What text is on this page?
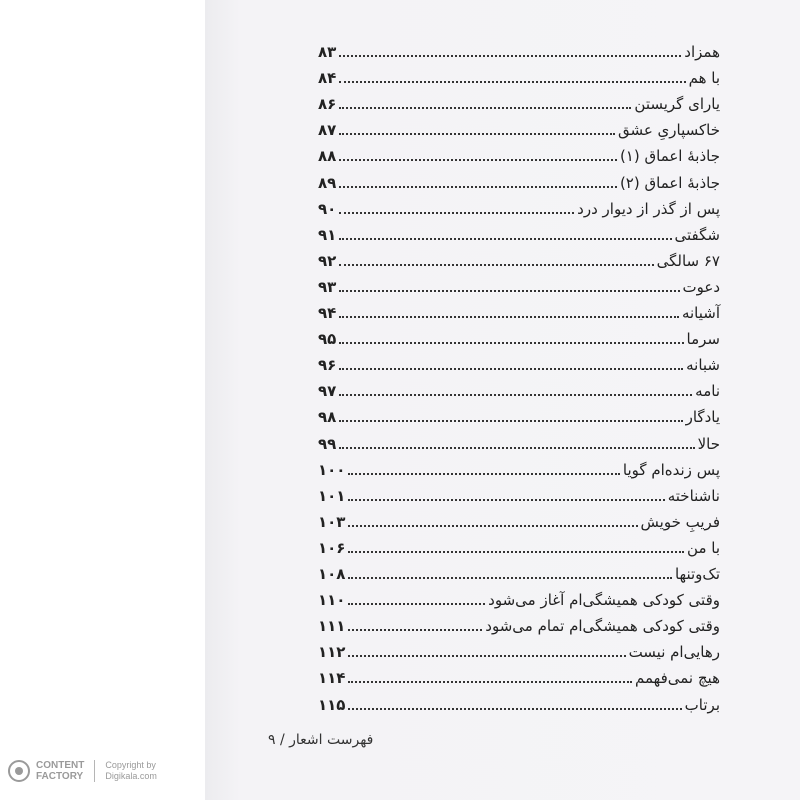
همزاد
۸۳
با هم
۸۴
یارای گریستن
۸۶
خاکسپاریِ عشق
۸۷
جاذبهٔ اعماق (۱)
۸۸
جاذبهٔ اعماق (۲)
۸۹
پس از گذر از دیوار درد
۹۰
شگفتی
۹۱
۶۷ سالگی
۹۲
دعوت
۹۳
آشیانه
۹۴
سرما
۹۵
شبانه
۹۶
نامه
۹۷
یادگار
۹۸
حالا
۹۹
پس زنده‌ام گویا
۱۰۰
ناشناخته
۱۰۱
فریبِ خویش
۱۰۳
با من
۱۰۶
تک‌وتنها
۱۰۸
وقتی کودکی همیشگی‌ام آغاز می‌شود
۱۱۰
وقتی کودکی همیشگی‌ام تمام می‌شود
۱۱۱
رهایی‌ام نیست
۱۱۲
هیچ نمی‌فهمم
۱۱۴
برتاب
۱۱۵
فهرست اشعار / ۹
CONTENT
FACTORY
Copyright by
Digikala.com
